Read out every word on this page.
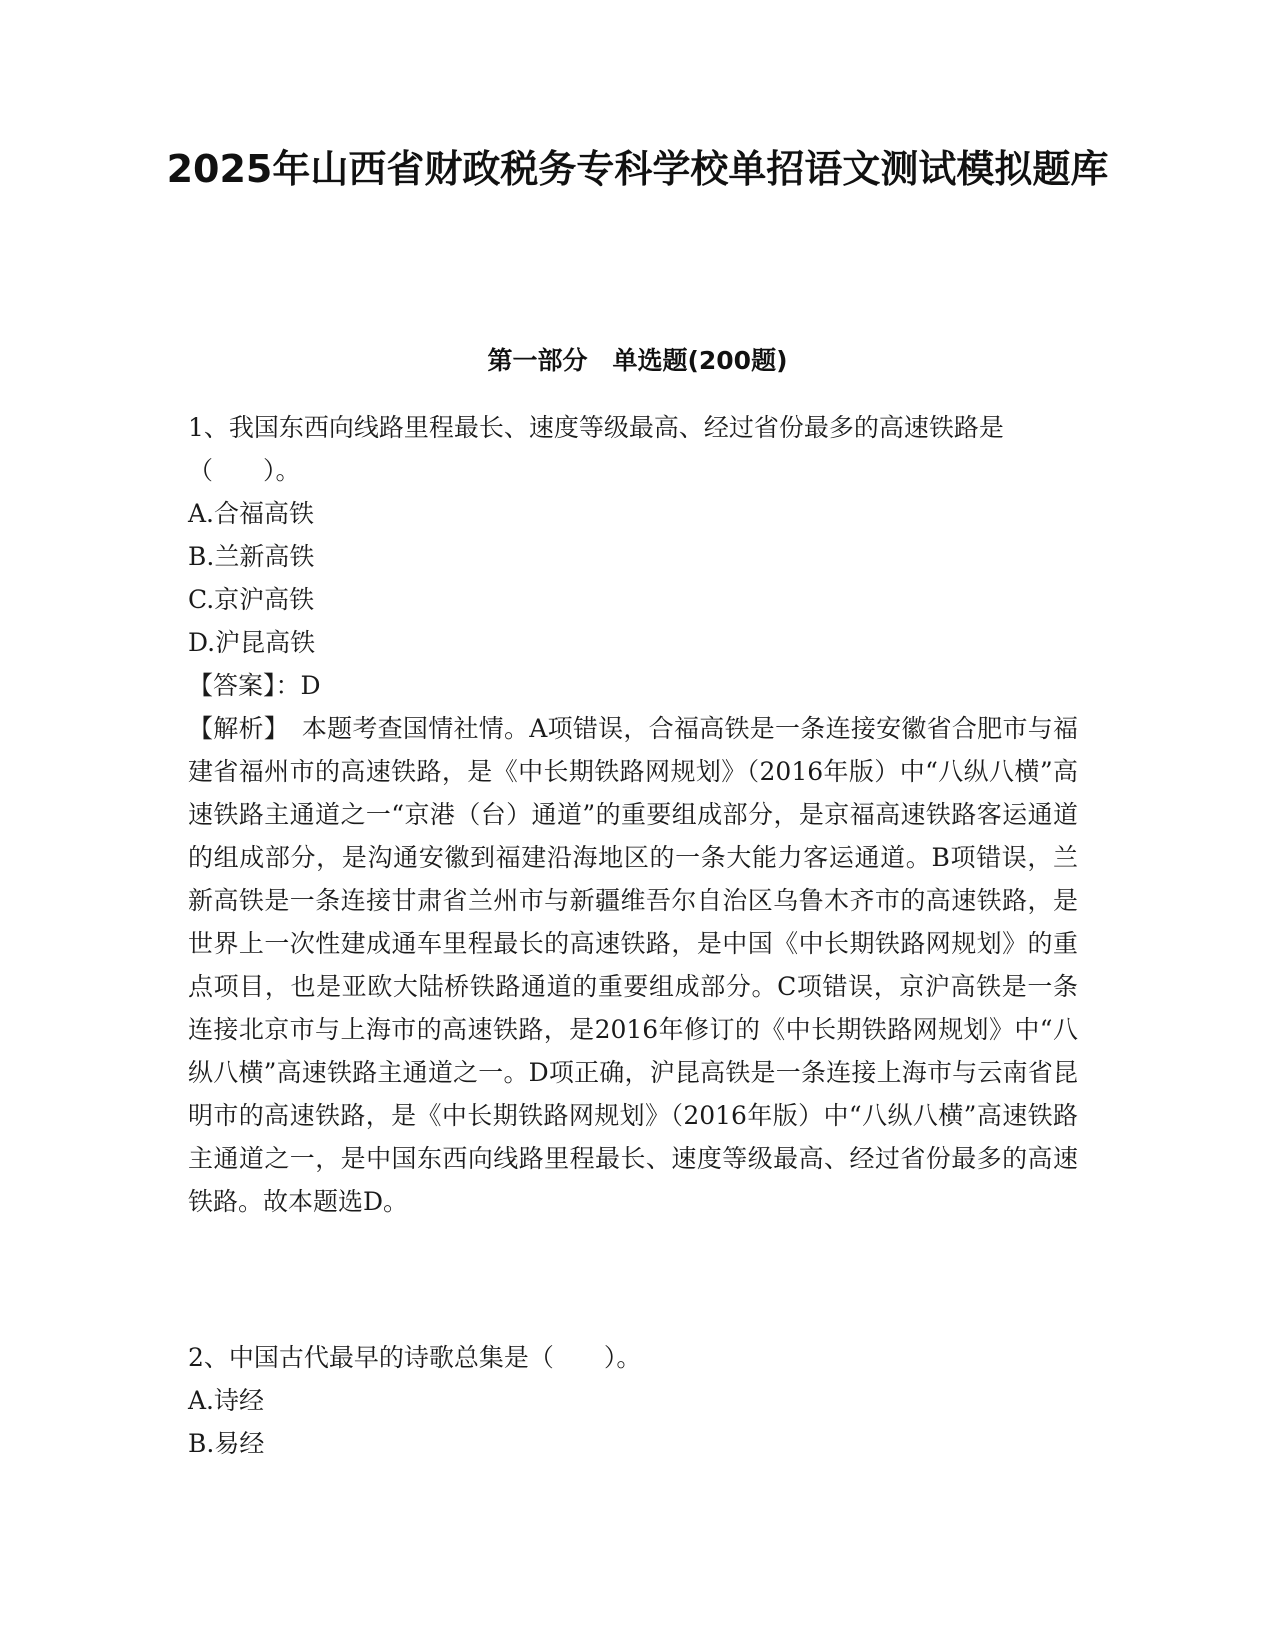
2025年山西省财政税务专科学校单招语文测试模拟题库
第一部分　单选题(200题)

1、我国东西向线路里程最长、速度等级最高、经过省份最多的高速铁路是（　　）。

A.合福高铁

B.兰新高铁

C.京沪高铁

D.沪昆高铁

【答案】：D

【解析】　本题考查国情社情。A项错误，合福高铁是一条连接安徽省合肥市与福建省福州市的高速铁路，是《中长期铁路网规划》（2016年版）中“八纵八横”高速铁路主通道之一“京港（台）通道”的重要组成部分，是京福高速铁路客运通道的组成部分，是沟通安徽到福建沿海地区的一条大能力客运通道。B项错误，兰新高铁是一条连接甘肃省兰州市与新疆维吾尔自治区乌鲁木齐市的高速铁路，是世界上一次性建成通车里程最长的高速铁路，是中国《中长期铁路网规划》的重点项目，也是亚欧大陆桥铁路通道的重要组成部分。C项错误，京沪高铁是一条连接北京市与上海市的高速铁路，是2016年修订的《中长期铁路网规划》中“八纵八横”高速铁路主通道之一。D项正确，沪昆高铁是一条连接上海市与云南省昆明市的高速铁路，是《中长期铁路网规划》（2016年版）中“八纵八横”高速铁路主通道之一，是中国东西向线路里程最长、速度等级最高、经过省份最多的高速铁路。故本题选D。

2、中国古代最早的诗歌总集是（　　）。

A.诗经

B.易经
